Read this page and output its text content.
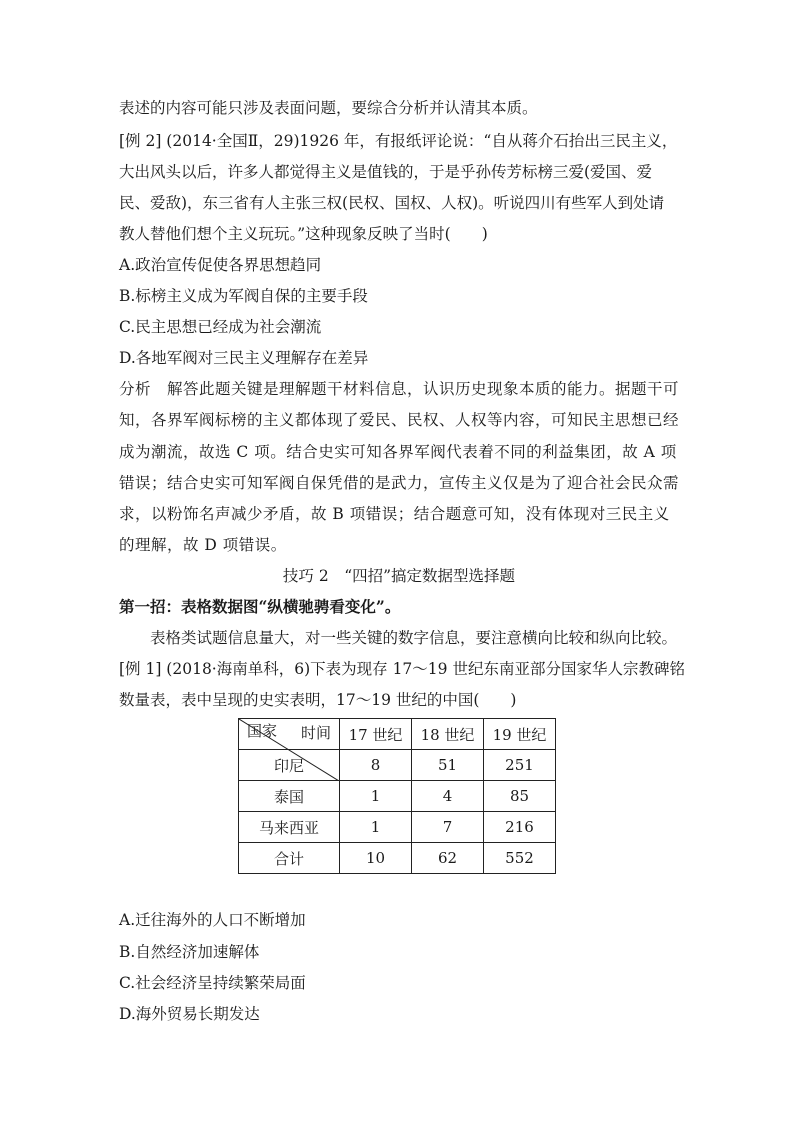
表述的内容可能只涉及表面问题，要综合分析并认清其本质。
[例 2] (2014·全国Ⅱ，29)1926 年，有报纸评论说：“自从蒋介石抬出三民主义，
大出风头以后，许多人都觉得主义是值钱的，于是乎孙传芳标榜三爱(爱国、爱
民、爱敌)，东三省有人主张三权(民权、国权、人权)。听说四川有些军人到处请
教人替他们想个主义玩玩。”这种现象反映了当时(　　)
A.政治宣传促使各界思想趋同
B.标榜主义成为军阀自保的主要手段
C.民主思想已经成为社会潮流
D.各地军阀对三民主义理解存在差异
分析　解答此题关键是理解题干材料信息，认识历史现象本质的能力。据题干可
知，各界军阀标榜的主义都体现了爱民、民权、人权等内容，可知民主思想已经
成为潮流，故选 C 项。结合史实可知各界军阀代表着不同的利益集团，故 A 项
错误；结合史实可知军阀自保凭借的是武力，宣传主义仅是为了迎合社会民众需
求，以粉饰名声减少矛盾，故 B 项错误；结合题意可知，没有体现对三民主义
的理解，故 D 项错误。
技巧 2　“四招”搞定数据型选择题
第一招：表格数据图“纵横驰骋看变化”。
表格类试题信息量大，对一些关键的数字信息，要注意横向比较和纵向比较。
[例 1] (2018·海南单科，6)下表为现存 17～19 世纪东南亚部分国家华人宗教碑铭
数量表，表中呈现的史实表明，17～19 世纪的中国(　　)
时间
国家	17 世纪	18 世纪	19 世纪
印尼	8	51	251
泰国	1	4	85
马来西亚	1	7	216
合计	10	62	552
A.迁往海外的人口不断增加
B.自然经济加速解体
C.社会经济呈持续繁荣局面
D.海外贸易长期发达
